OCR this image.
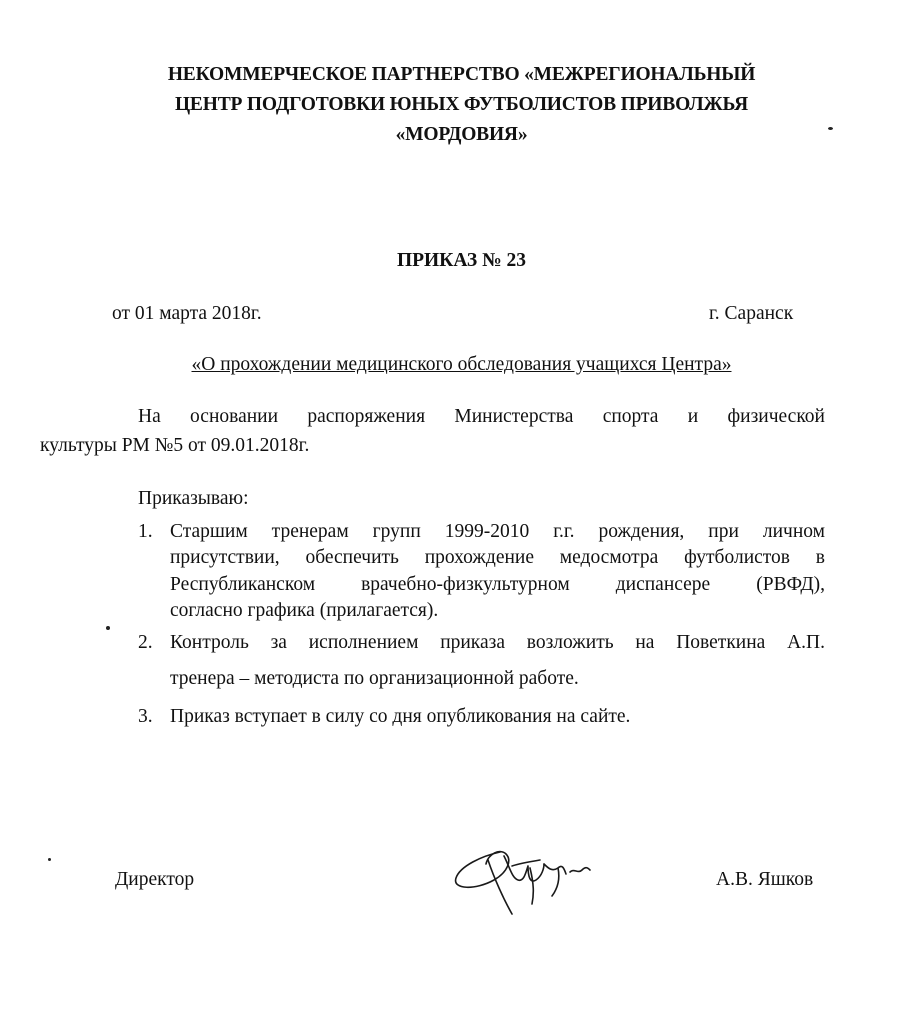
НЕКОММЕРЧЕСКОЕ ПАРТНЕРСТВО «МЕЖРЕГИОНАЛЬНЫЙ
ЦЕНТР ПОДГОТОВКИ ЮНЫХ ФУТБОЛИСТОВ ПРИВОЛЖЬЯ
«МОРДОВИЯ»
ПРИКАЗ № 23
от 01 марта 2018г.	г. Саранск
«О прохождении медицинского обследования учащихся Центра»
На основании распоряжения Министерства спорта и физической
культуры РМ №5 от 09.01.2018г.
Приказываю:
1. Старшим тренерам групп 1999-2010 г.г. рождения, при личном
присутствии, обеспечить прохождение медосмотра футболистов в
Республиканском врачебно-физкультурном диспансере (РВФД),
согласно графика (прилагается).
2. Контроль за исполнением приказа возложить на Поветкина А.П.
тренера – методиста по организационной работе.
3. Приказ вступает в силу со дня опубликования на сайте.
Директор	А.В. Яшков
